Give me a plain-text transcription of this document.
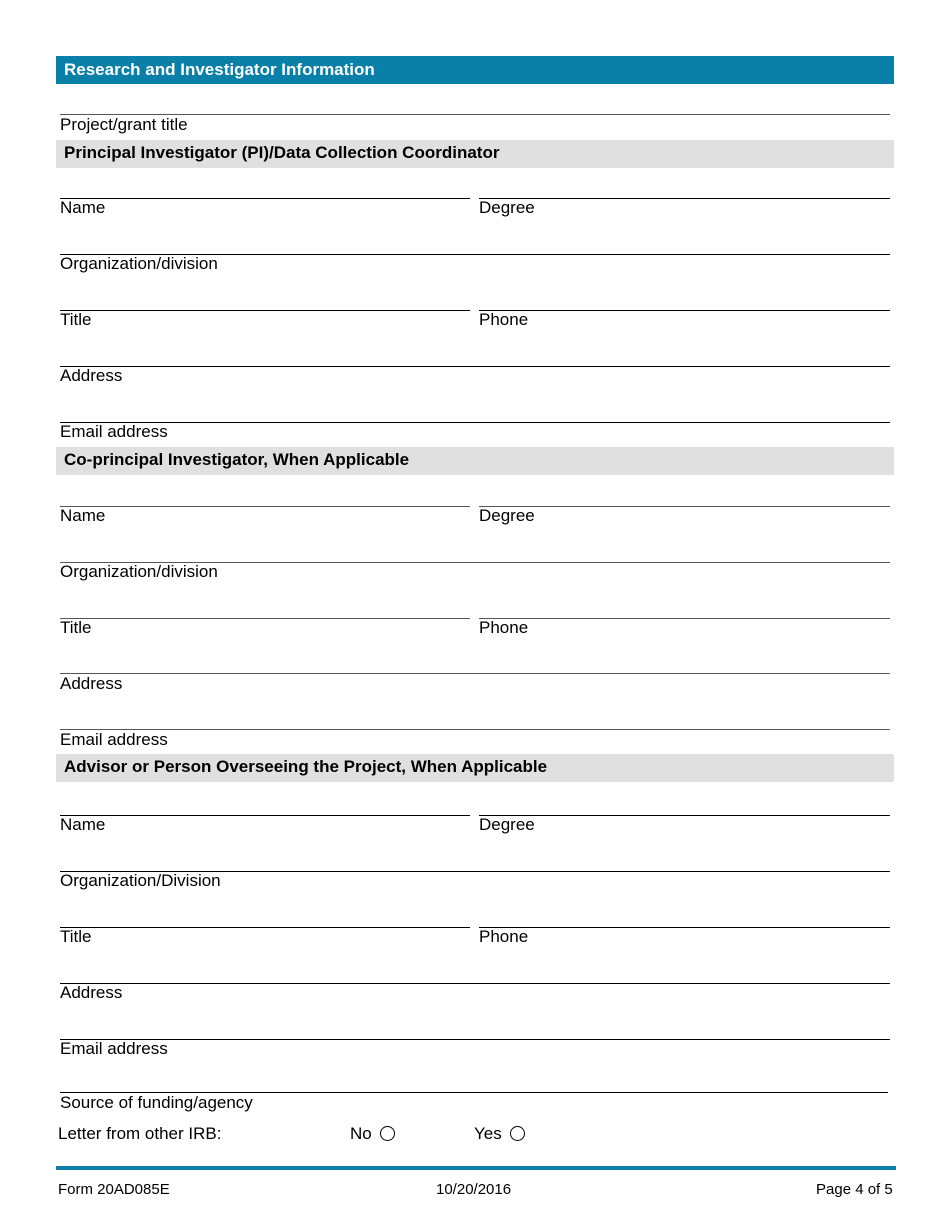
Research and Investigator Information
Project/grant title
Principal Investigator (PI)/Data Collection Coordinator
Name	Degree
Organization/division
Title	Phone
Address
Email address
Co-principal Investigator, When Applicable
Name	Degree
Organization/division
Title	Phone
Address
Email address
Advisor or Person Overseeing the Project, When Applicable
Name	Degree
Organization/Division
Title	Phone
Address
Email address
Source of funding/agency
Letter from other IRB:	No	Yes
Form 20AD085E	10/20/2016	Page 4 of 5
